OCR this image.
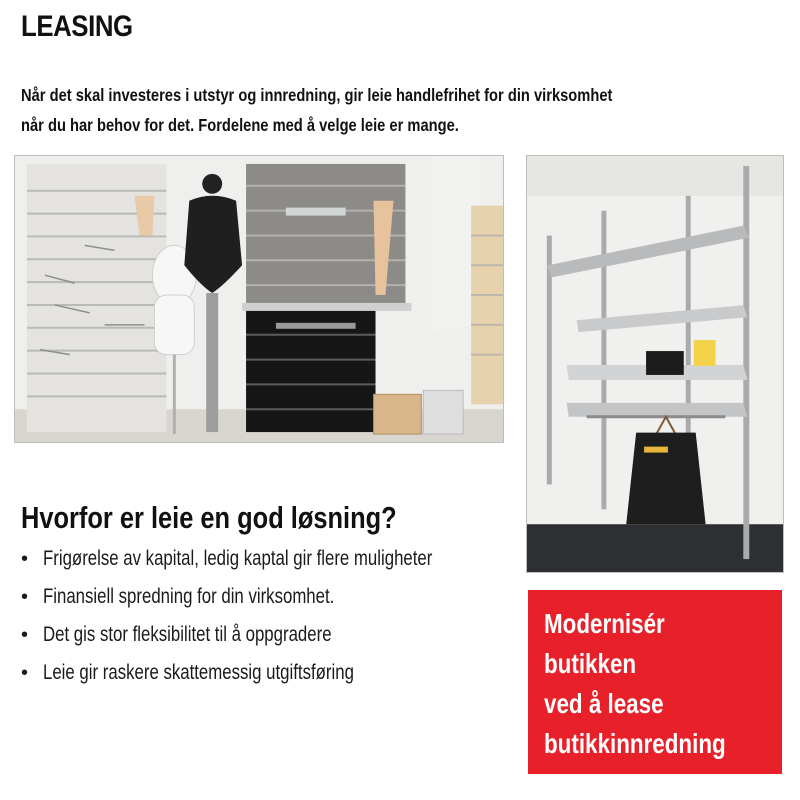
LEASING
Når det skal investeres i utstyr og innredning, gir leie handlefrihet for din virksomhet
når du har behov for det. Fordelene med å velge leie er mange.
Hvorfor er leie en god løsning?
• Frigørelse av kapital, ledig kaptal gir flere muligheter
• Finansiell spredning for din virksomhet.
• Det gis stor fleksibilitet til å oppgradere
• Leie gir raskere skattemessig utgiftsføring
Modernisér
butikken
ved å lease
butikkinnredning
